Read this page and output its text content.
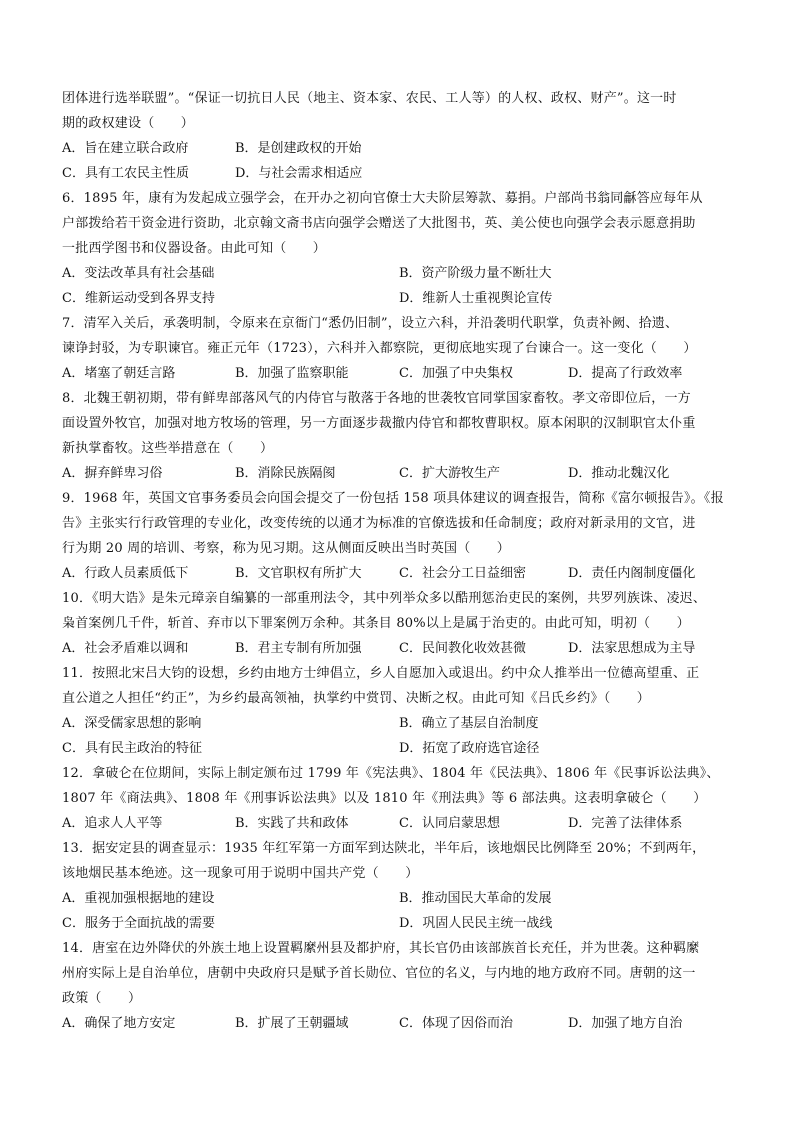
团体进行选举联盟”。“保证一切抗日人民（地主、资本家、农民、工人等）的人权、政权、财产”。这一时
期的政权建设（　　）
A．旨在建立联合政府	B．是创建政权的开始
C．具有工农民主性质	D．与社会需求相适应
6．1895 年，康有为发起成立强学会，在开办之初向官僚士大夫阶层筹款、募捐。户部尚书翁同龢答应每年从
户部拨给若干资金进行资助，北京翰文斋书店向强学会赠送了大批图书，英、美公使也向强学会表示愿意捐助
一批西学图书和仪器设备。由此可知（　　）
A．变法改革具有社会基础	B．资产阶级力量不断壮大
C．维新运动受到各界支持	D．维新人士重视舆论宣传
7．清军入关后，承袭明制，令原来在京衙门“悉仍旧制”，设立六科，并沿袭明代职掌，负责补阙、拾遗、
谏诤封驳，为专职谏官。雍正元年（1723），六科并入都察院，更彻底地实现了台谏合一。这一变化（　　）
A．堵塞了朝廷言路	B．加强了监察职能	C．加强了中央集权	D．提高了行政效率
8．北魏王朝初期，带有鲜卑部落风气的内侍官与散落于各地的世袭牧官同掌国家畜牧。孝文帝即位后，一方
面设置外牧官，加强对地方牧场的管理，另一方面逐步裁撤内侍官和都牧曹职权。原本闲职的汉制职官太仆重
新执掌畜牧。这些举措意在（　　）
A．摒弃鲜卑习俗	B．消除民族隔阂	C．扩大游牧生产	D．推动北魏汉化
9．1968 年，英国文官事务委员会向国会提交了一份包括 158 项具体建议的调查报告，简称《富尔顿报告》。《报
告》主张实行行政管理的专业化，改变传统的以通才为标准的官僚选拔和任命制度；政府对新录用的文官，进
行为期 20 周的培训、考察，称为见习期。这从侧面反映出当时英国（　　）
A．行政人员素质低下	B．文官职权有所扩大	C．社会分工日益细密	D．责任内阁制度僵化
10．《明大诰》是朱元璋亲自编纂的一部重刑法令，其中列举众多以酷刑惩治吏民的案例，共罗列族诛、凌迟、
枭首案例几千件，斩首、弃市以下罪案例万余种。其条目 80%以上是属于治吏的。由此可知，明初（　　）
A．社会矛盾难以调和	B．君主专制有所加强	C．民间教化收效甚微	D．法家思想成为主导
11．按照北宋吕大钧的设想，乡约由地方士绅倡立，乡人自愿加入或退出。约中众人推举出一位德高望重、正
直公道之人担任“约正”，为乡约最高领袖，执掌约中赏罚、决断之权。由此可知《吕氏乡约》（　　）
A．深受儒家思想的影响	B．确立了基层自治制度
C．具有民主政治的特征	D．拓宽了政府选官途径
12．拿破仑在位期间，实际上制定颁布过 1799 年《宪法典》、1804 年《民法典》、1806 年《民事诉讼法典》、
1807 年《商法典》、1808 年《刑事诉讼法典》以及 1810 年《刑法典》等 6 部法典。这表明拿破仑（　　）
A．追求人人平等	B．实践了共和政体	C．认同启蒙思想	D．完善了法律体系
13．据安定县的调查显示：1935 年红军第一方面军到达陕北，半年后，该地烟民比例降至 20%；不到两年，
该地烟民基本绝迹。这一现象可用于说明中国共产党（　　）
A．重视加强根据地的建设	B．推动国民大革命的发展
C．服务于全面抗战的需要	D．巩固人民民主统一战线
14．唐室在边外降伏的外族土地上设置羁縻州县及都护府，其长官仍由该部族首长充任，并为世袭。这种羁縻
州府实际上是自治单位，唐朝中央政府只是赋予首长勋位、官位的名义，与内地的地方政府不同。唐朝的这一
政策（　　）
A．确保了地方安定	B．扩展了王朝疆域	C．体现了因俗而治	D．加强了地方自治
